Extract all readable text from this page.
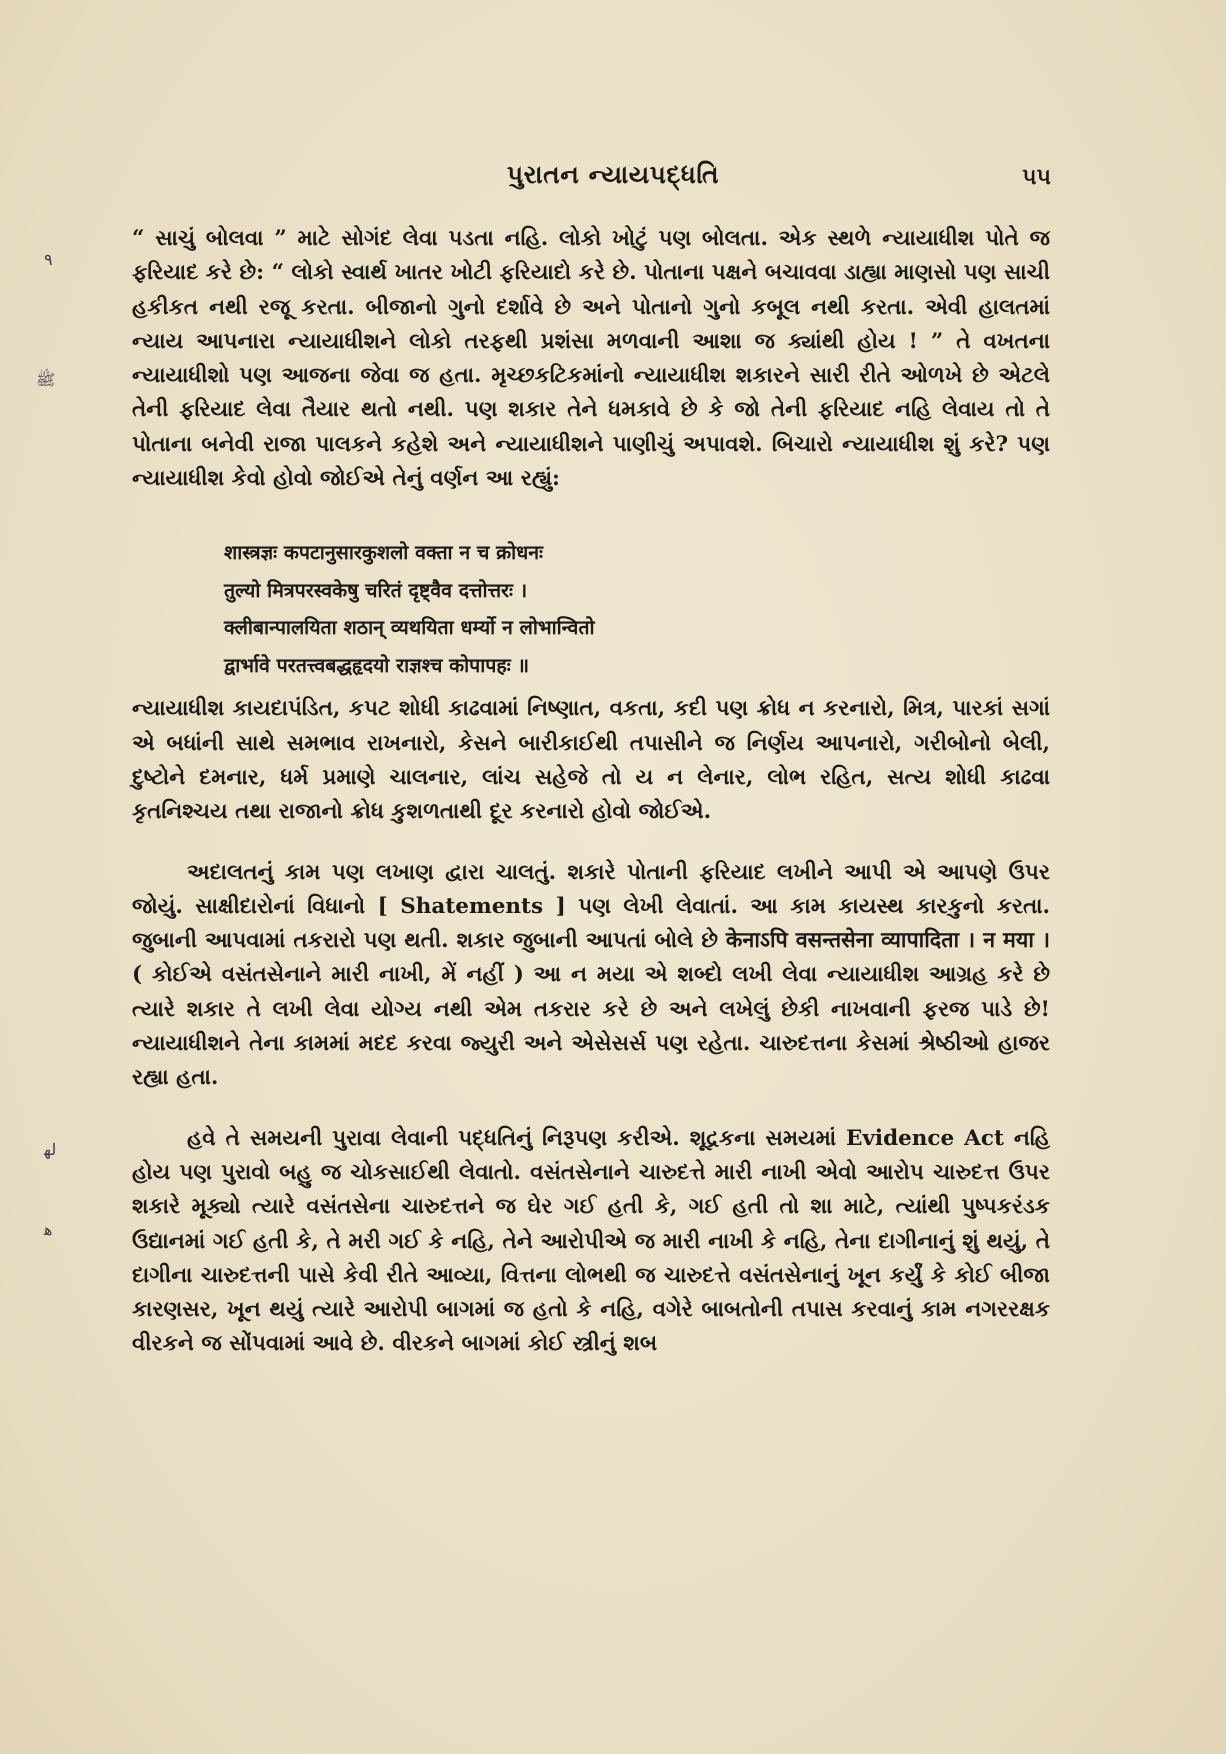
٩
ﷺ
ﻟﻬ
ﻫ
પુરાતન ન્યાયપદ્ધતિ	૫૫

“ સાચું બોલવા ” માટે સોગંદ લેવા પડતા નહિ. લોકો ખોટું પણ બોલતા. એક સ્થળે ન્યાયાધીશ પોતે જ ફરિયાદ કરે છે: “ લોકો સ્વાર્થ ખાતર ખોટી ફરિયાદો કરે છે. પોતાના પક્ષને બચાવવા ડાહ્યા માણસો પણ સાચી હકીકત નથી રજૂ કરતા. બીજાનો ગુનો દર્શાવે છે અને પોતાનો ગુનો કબૂલ નથી કરતા. એવી હાલતમાં ન્યાય આપનારા ન્યાયાધીશને લોકો તરફથી પ્રશંસા મળવાની આશા જ ક્યાંથી હોય ! ” તે વખતના ન્યાયાધીશો પણ આજના જેવા જ હતા. મૃચ્છકટિકમાંનો ન્યાયાધીશ શકારને સારી રીતે ઓળખે છે એટલે તેની ફરિયાદ લેવા તૈયાર થતો નથી. પણ શકાર તેને ધમકાવે છે કે જો તેની ફરિયાદ નહિ લેવાય તો તે પોતાના બનેવી રાજા પાલકને કહેશે અને ન્યાયાધીશને પાણીચું અપાવશે. બિચારો ન્યાયાધીશ શું કરે? પણ ન્યાયાધીશ કેવો હોવો જોઈએ તેનું વર્ણન આ રહ્યું:

शास्त्रज्ञः कपटानुसारकुशलो वक्ता न च क्रोधनः
तुल्यो मित्रपरस्वकेषु चरितं दृष्ट्वैव दत्तोत्तरः ।
क्लीबान्पालयिता शठान् व्यथयिता धर्म्यो न लोभान्वितो
द्वार्भावे परतत्त्वबद्धहृदयो राज्ञश्च कोपापहः ॥

ન્યાયાધીશ કાયદાપંડિત, કપટ શોધી કાઢવામાં નિષ્ણાત, વકતા, કદી પણ ક્રોધ ન કરનારો, મિત્ર, પારકાં સગાં એ બધાંની સાથે સમભાવ રાખનારો, કેસને બારીકાઈથી તપાસીને જ નિર્ણય આપનારો, ગરીબોનો બેલી, દુષ્ટોને દમનાર, ધર્મ પ્રમાણે ચાલનાર, લાંચ સહેજે તો ય ન લેનાર, લોભ રહિત, સત્ય શોધી કાઢવા કૃતનિશ્ચય તથા રાજાનો ક્રોધ કુશળતાથી દૂર કરનારો હોવો જોઈએ.

અદાલતનું કામ પણ લખાણ દ્વારા ચાલતું. શકારે પોતાની ફરિયાદ લખીને આપી એ આપણે ઉપર જોયું. સાક્ષીદારોનાં વિધાનો [ Shatements ] પણ લેખી લેવાતાં. આ કામ કાયસ્થ કારકુનો કરતા. જુબાની આપવામાં તકરારો પણ થતી. શકાર જુબાની આપતાં બોલે છે केनाऽपि वसन्तसेना व्यापादिता । न मया । ( કોઈએ વસંતસેનાને મારી નાખી, મેં નહીં ) આ ન મયા એ શબ્દો લખી લેવા ન્યાયાધીશ આગ્રહ કરે છે ત્યારે શકાર તે લખી લેવા યોગ્ય નથી એમ તકરાર કરે છે અને લખેલું છેકી નાખવાની ફરજ પાડે છે! ન્યાયાધીશને તેના કામમાં મદદ કરવા જ્યુરી અને એસેસર્સ પણ રહેતા. ચારુદત્તના કેસમાં શ્રેષ્ઠીઓ હાજર રહ્યા હતા.

હવે તે સમયની પુરાવા લેવાની પદ્ધતિનું નિરૂપણ કરીએ. શૂદ્રકના સમયમાં Evidence Act નહિ હોય પણ પુરાવો બહુ જ ચોકસાઈથી લેવાતો. વસંતસેનાને ચારુદત્તે મારી નાખી એવો આરોપ ચારુદત્ત ઉપર શકારે મૂક્યો ત્યારે વસંતસેના ચારુદત્તને જ ઘેર ગઈ હતી કે, ગઈ હતી તો શા માટે, ત્યાંથી પુષ્પકરંડક ઉદ્યાનમાં ગઈ હતી કે, તે મરી ગઈ કે નહિ, તેને આરોપીએ જ મારી નાખી કે નહિ, તેના દાગીનાનું શું થયું, તે દાગીના ચારુદત્તની પાસે કેવી રીતે આવ્યા, વિત્તના લોભથી જ ચારુદત્તે વસંતસેનાનું ખૂન કર્યું કે કોઈ બીજા કારણસર, ખૂન થયું ત્યારે આરોપી બાગમાં જ હતો કે નહિ, વગેરે બાબતોની તપાસ કરવાનું કામ નગરરક્ષક વીરકને જ સોંપવામાં આવે છે. વીરકને બાગમાં કોઈ સ્ત્રીનું શબ
